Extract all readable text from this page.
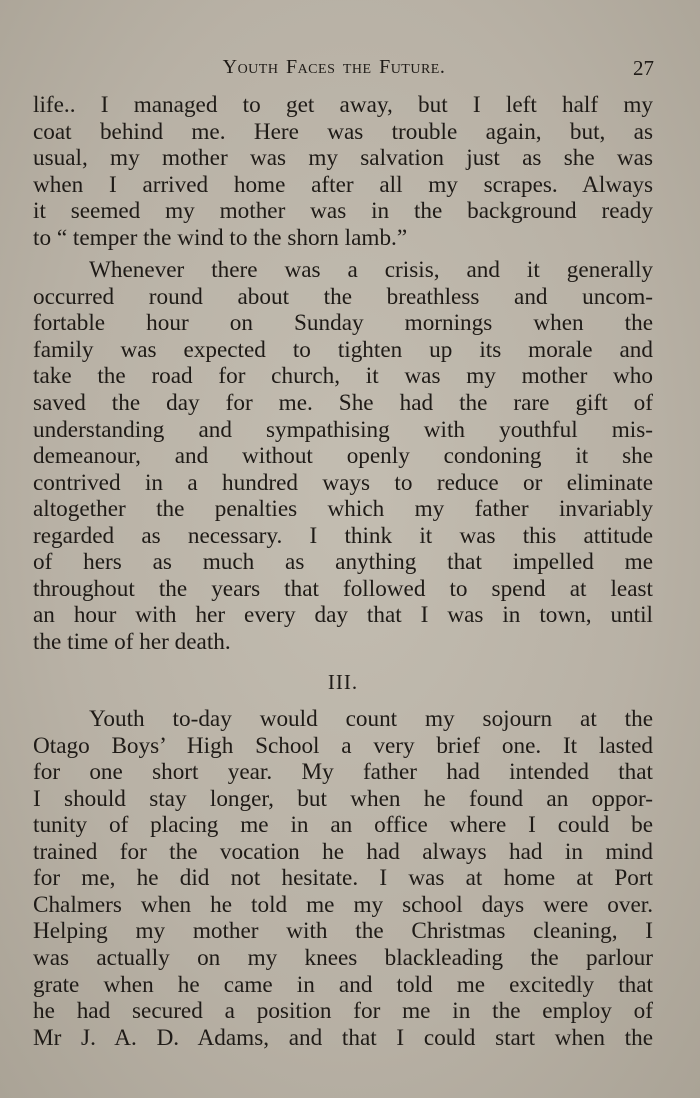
Youth Faces the Future.	27
life.. I managed to get away, but I left half my
coat behind me. Here was trouble again, but, as
usual, my mother was my salvation just as she was
when I arrived home after all my scrapes. Always
it seemed my mother was in the background ready
to “ temper the wind to the shorn lamb.”
Whenever there was a crisis, and it generally
occurred round about the breathless and uncom-
fortable hour on Sunday mornings when the
family was expected to tighten up its morale and
take the road for church, it was my mother who
saved the day for me. She had the rare gift of
understanding and sympathising with youthful mis-
demeanour, and without openly condoning it she
contrived in a hundred ways to reduce or eliminate
altogether the penalties which my father invariably
regarded as necessary. I think it was this attitude
of hers as much as anything that impelled me
throughout the years that followed to spend at least
an hour with her every day that I was in town, until
the time of her death.
III.
Youth to-day would count my sojourn at the
Otago Boys’ High School a very brief one. It lasted
for one short year. My father had intended that
I should stay longer, but when he found an oppor-
tunity of placing me in an office where I could be
trained for the vocation he had always had in mind
for me, he did not hesitate. I was at home at Port
Chalmers when he told me my school days were over.
Helping my mother with the Christmas cleaning, I
was actually on my knees blackleading the parlour
grate when he came in and told me excitedly that
he had secured a position for me in the employ of
Mr J. A. D. Adams, and that I could start when the
